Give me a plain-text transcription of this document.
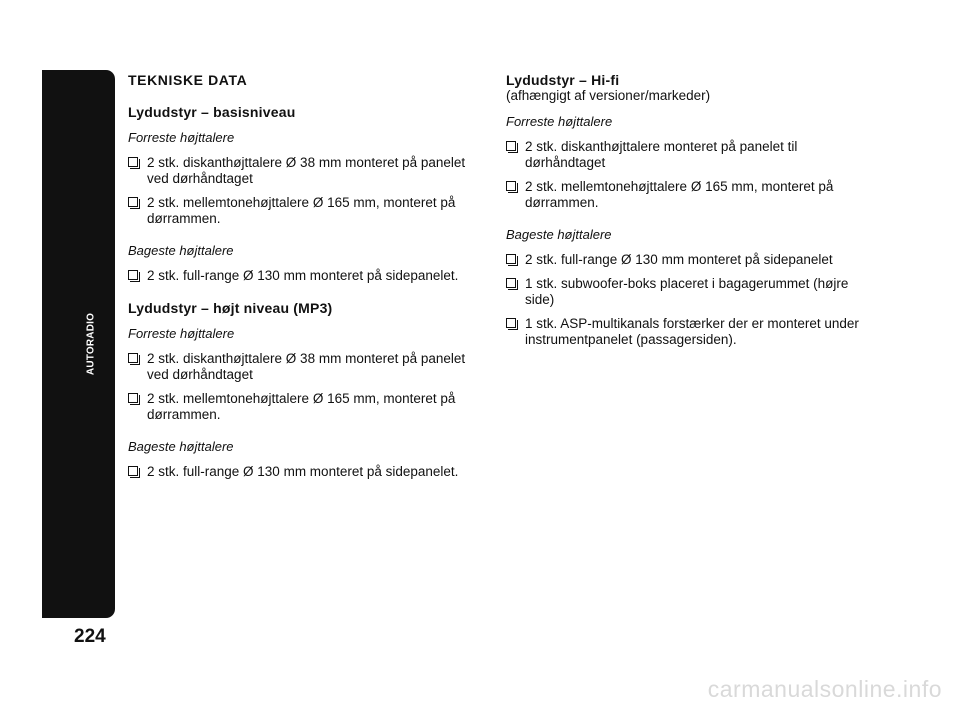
AUTORADIO
224
TEKNISKE DATA
Lydudstyr – basisniveau
Forreste højttalere
2 stk. diskanthøjttalere Ø 38 mm monteret på panelet ved dørhåndtaget
2 stk. mellemtonehøjttalere Ø 165 mm, monteret på dørrammen.
Bageste højttalere
2 stk. full-range Ø 130 mm monteret på sidepanelet.
Lydudstyr – højt niveau (MP3)
Forreste højttalere
2 stk. diskanthøjttalere Ø 38 mm monteret på panelet ved dørhåndtaget
2 stk. mellemtonehøjttalere Ø 165 mm, monteret på dørrammen.
Bageste højttalere
2 stk. full-range Ø 130 mm monteret på sidepanelet.
Lydudstyr – Hi-fi
(afhængigt af versioner/markeder)
Forreste højttalere
2 stk. diskanthøjttalere monteret på panelet til dørhåndtaget
2 stk. mellemtonehøjttalere Ø 165 mm, monteret på dørrammen.
Bageste højttalere
2 stk. full-range Ø 130 mm monteret på sidepanelet
1 stk. subwoofer-boks placeret i bagagerummet (højre side)
1 stk. ASP-multikanals forstærker der er monteret under instrumentpanelet (passagersiden).
carmanualsonline.info
